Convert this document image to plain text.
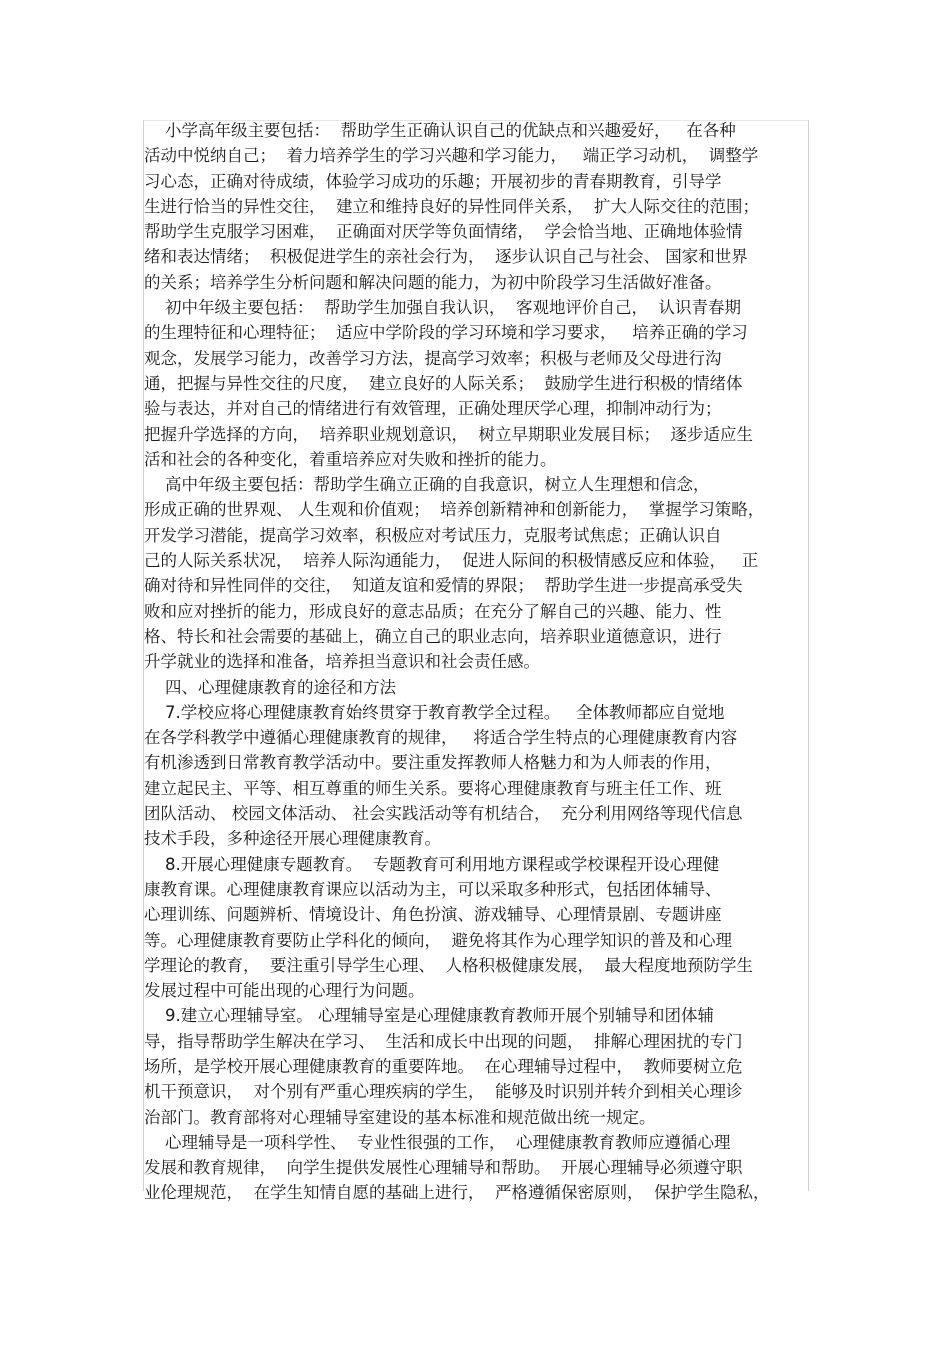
小学高年级主要包括：  帮助学生正确认识自己的优缺点和兴趣爱好，   在各种
活动中悦纳自己；  着力培养学生的学习兴趣和学习能力，   端正学习动机，  调整学
习心态，正确对待成绩，体验学习成功的乐趣；开展初步的青春期教育，引导学
生进行恰当的异性交往，  建立和维持良好的异性同伴关系，  扩大人际交往的范围；
帮助学生克服学习困难，  正确面对厌学等负面情绪，  学会恰当地、正确地体验情
绪和表达情绪；  积极促进学生的亲社会行为，  逐步认识自己与社会、 国家和世界
的关系；培养学生分析问题和解决问题的能力，为初中阶段学习生活做好准备。
初中年级主要包括：  帮助学生加强自我认识，  客观地评价自己，  认识青春期
的生理特征和心理特征；  适应中学阶段的学习环境和学习要求，   培养正确的学习
观念，发展学习能力，改善学习方法，提高学习效率；积极与老师及父母进行沟
通，把握与异性交往的尺度，  建立良好的人际关系；  鼓励学生进行积极的情绪体
验与表达，并对自己的情绪进行有效管理，正确处理厌学心理，抑制冲动行为；
把握升学选择的方向，  培养职业规划意识，  树立早期职业发展目标；  逐步适应生
活和社会的各种变化，着重培养应对失败和挫折的能力。
高中年级主要包括：帮助学生确立正确的自我意识，树立人生理想和信念，
形成正确的世界观、 人生观和价值观；  培养创新精神和创新能力，  掌握学习策略，
开发学习潜能，提高学习效率，积极应对考试压力，克服考试焦虑；正确认识自
己的人际关系状况，  培养人际沟通能力，  促进人际间的积极情感反应和体验，   正
确对待和异性同伴的交往，  知道友谊和爱情的界限；  帮助学生进一步提高承受失
败和应对挫折的能力，形成良好的意志品质；在充分了解自己的兴趣、能力、性
格、特长和社会需要的基础上，确立自己的职业志向，培养职业道德意识，进行
升学就业的选择和准备，培养担当意识和社会责任感。
四、心理健康教育的途径和方法
7.学校应将心理健康教育始终贯穿于教育教学全过程。   全体教师都应自觉地
在各学科教学中遵循心理健康教育的规律，   将适合学生特点的心理健康教育内容
有机渗透到日常教育教学活动中。要注重发挥教师人格魅力和为人师表的作用，
建立起民主、平等、相互尊重的师生关系。要将心理健康教育与班主任工作、班
团队活动、 校园文体活动、 社会实践活动等有机结合，  充分利用网络等现代信息
技术手段，多种途径开展心理健康教育。
8.开展心理健康专题教育。  专题教育可利用地方课程或学校课程开设心理健
康教育课。心理健康教育课应以活动为主，可以采取多种形式，包括团体辅导、
心理训练、问题辨析、情境设计、角色扮演、游戏辅导、心理情景剧、专题讲座
等。心理健康教育要防止学科化的倾向，  避免将其作为心理学知识的普及和心理
学理论的教育，  要注重引导学生心理、  人格积极健康发展，  最大程度地预防学生
发展过程中可能出现的心理行为问题。
9.建立心理辅导室。 心理辅导室是心理健康教育教师开展个别辅导和团体辅
导，指导帮助学生解决在学习、  生活和成长中出现的问题，  排解心理困扰的专门
场所，是学校开展心理健康教育的重要阵地。  在心理辅导过程中，  教师要树立危
机干预意识，  对个别有严重心理疾病的学生，  能够及时识别并转介到相关心理诊
治部门。教育部将对心理辅导室建设的基本标准和规范做出统一规定。
心理辅导是一项科学性、  专业性很强的工作，  心理健康教育教师应遵循心理
发展和教育规律，  向学生提供发展性心理辅导和帮助。  开展心理辅导必须遵守职
业伦理规范，  在学生知情自愿的基础上进行，  严格遵循保密原则，  保护学生隐私，
